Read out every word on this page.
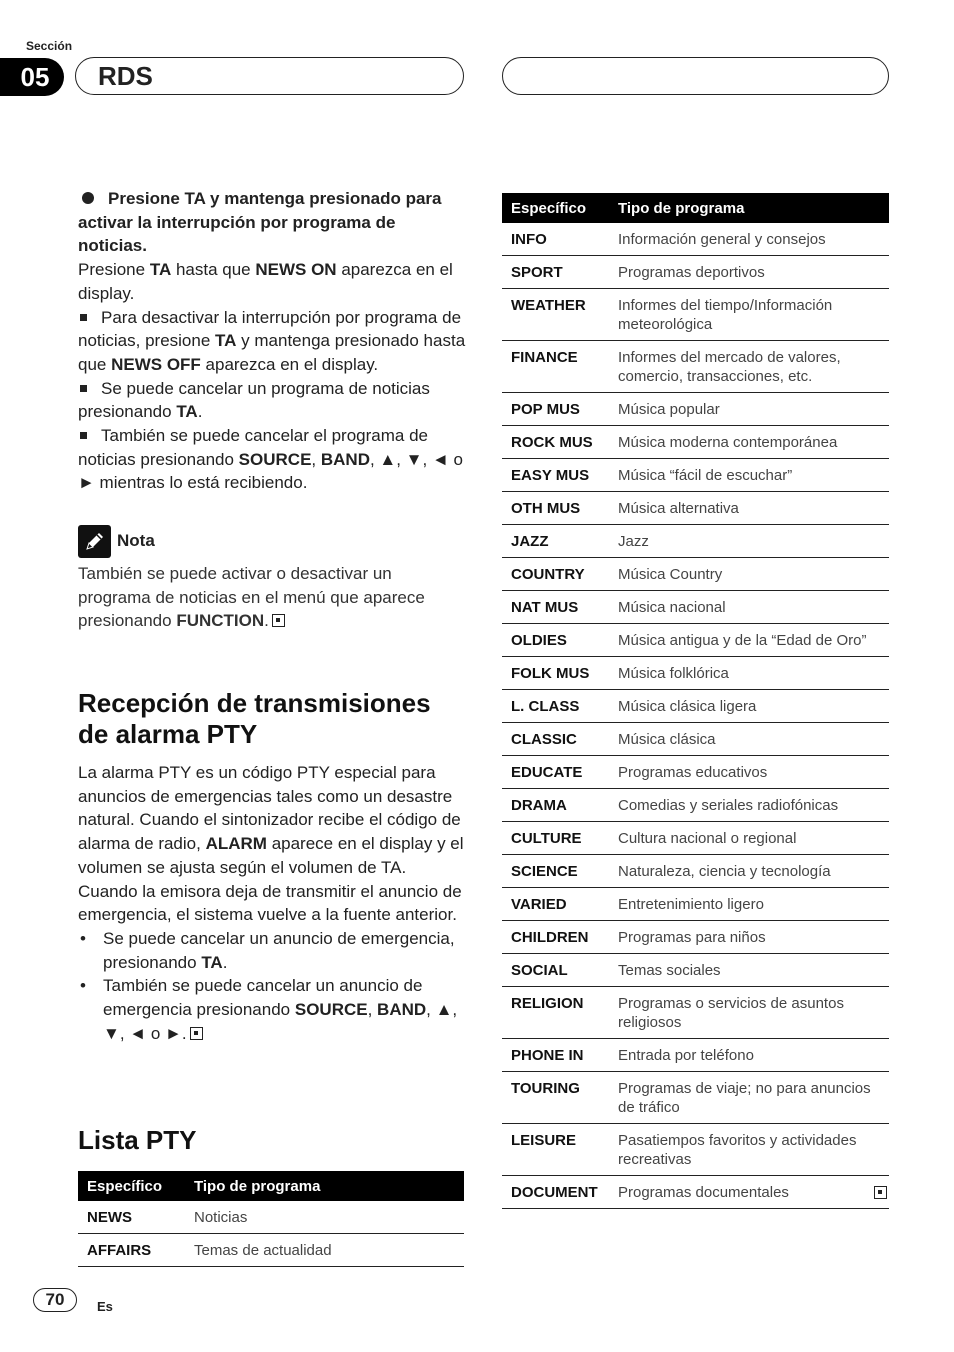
Sección
05	RDS

Presione TA y mantenga presionado para activar la interrupción por programa de noticias.

Presione TA hasta que NEWS ON aparezca en el display.

Para desactivar la interrupción por programa de noticias, presione TA y mantenga presionado hasta que NEWS OFF aparezca en el display.

Se puede cancelar un programa de noticias presionando TA.

También se puede cancelar el programa de noticias presionando SOURCE, BAND, ▲, ▼, ◄ o ► mientras lo está recibiendo.

Nota

También se puede activar o desactivar un programa de noticias en el menú que aparece presionando FUNCTION.

Recepción de transmisiones de alarma PTY

La alarma PTY es un código PTY especial para anuncios de emergencias tales como un desastre natural. Cuando el sintonizador recibe el código de alarma de radio, ALARM aparece en el display y el volumen se ajusta según el volumen de TA. Cuando la emisora deja de transmitir el anuncio de emergencia, el sistema vuelve a la fuente anterior.

• Se puede cancelar un anuncio de emergencia, presionando TA.
• También se puede cancelar un anuncio de emergencia presionando SOURCE, BAND, ▲, ▼, ◄ o ►.
Lista PTY
Específico	Tipo de programa
NEWS	Noticias
AFFAIRS	Temas de actualidad
Específico	Tipo de programa
INFO	Información general y consejos
SPORT	Programas deportivos
WEATHER	Informes del tiempo/Información meteorológica
FINANCE	Informes del mercado de valores, comercio, transacciones, etc.
POP MUS	Música popular
ROCK MUS	Música moderna contemporánea
EASY MUS	Música “fácil de escuchar”
OTH MUS	Música alternativa
JAZZ	Jazz
COUNTRY	Música Country
NAT MUS	Música nacional
OLDIES	Música antigua y de la “Edad de Oro”
FOLK MUS	Música folklórica
L. CLASS	Música clásica ligera
CLASSIC	Música clásica
EDUCATE	Programas educativos
DRAMA	Comedias y seriales radiofónicas
CULTURE	Cultura nacional o regional
SCIENCE	Naturaleza, ciencia y tecnología
VARIED	Entretenimiento ligero
CHILDREN	Programas para niños
SOCIAL	Temas sociales
RELIGION	Programas o servicios de asuntos religiosos
PHONE IN	Entrada por teléfono
TOURING	Programas de viaje; no para anuncios de tráfico
LEISURE	Pasatiempos favoritos y actividades recreativas
DOCUMENT	Programas documentales
70	Es
